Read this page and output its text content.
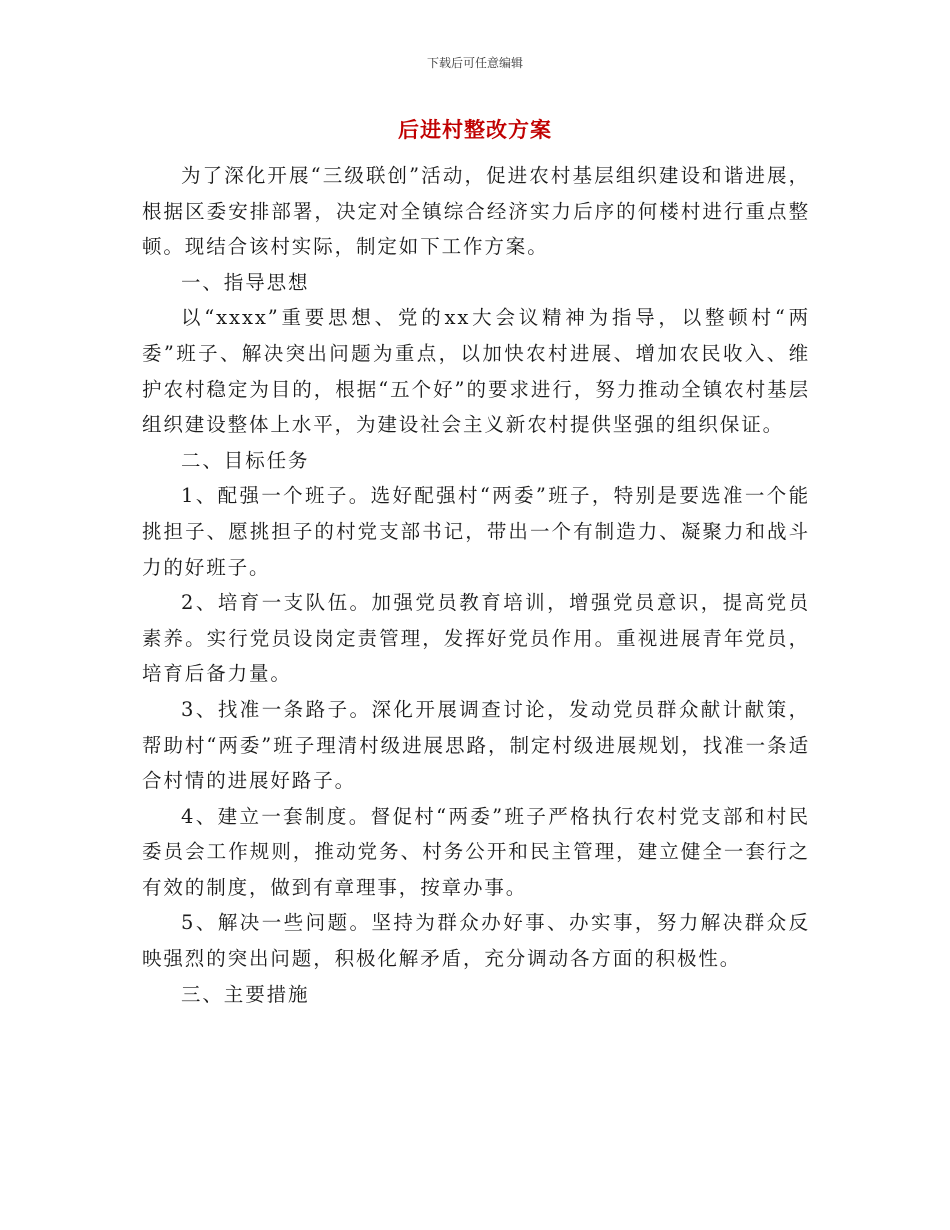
下载后可任意编辑
后进村整改方案

为了深化开展“三级联创”活动，促进农村基层组织建设和谐进展，根据区委安排部署，决定对全镇综合经济实力后序的何楼村进行重点整顿。现结合该村实际，制定如下工作方案。

一、指导思想

以“xxxx”重要思想、党的xx大会议精神为指导，以整顿村“两委”班子、解决突出问题为重点，以加快农村进展、增加农民收入、维护农村稳定为目的，根据“五个好”的要求进行，努力推动全镇农村基层组织建设整体上水平，为建设社会主义新农村提供坚强的组织保证。

二、目标任务

1、配强一个班子。选好配强村“两委”班子，特别是要选准一个能挑担子、愿挑担子的村党支部书记，带出一个有制造力、凝聚力和战斗力的好班子。

2、培育一支队伍。加强党员教育培训，增强党员意识，提高党员素养。实行党员设岗定责管理，发挥好党员作用。重视进展青年党员，培育后备力量。

3、找准一条路子。深化开展调查讨论，发动党员群众献计献策，帮助村“两委”班子理清村级进展思路，制定村级进展规划，找准一条适合村情的进展好路子。

4、建立一套制度。督促村“两委”班子严格执行农村党支部和村民委员会工作规则，推动党务、村务公开和民主管理，建立健全一套行之有效的制度，做到有章理事，按章办事。

5、解决一些问题。坚持为群众办好事、办实事，努力解决群众反映强烈的突出问题，积极化解矛盾，充分调动各方面的积极性。

三、主要措施
